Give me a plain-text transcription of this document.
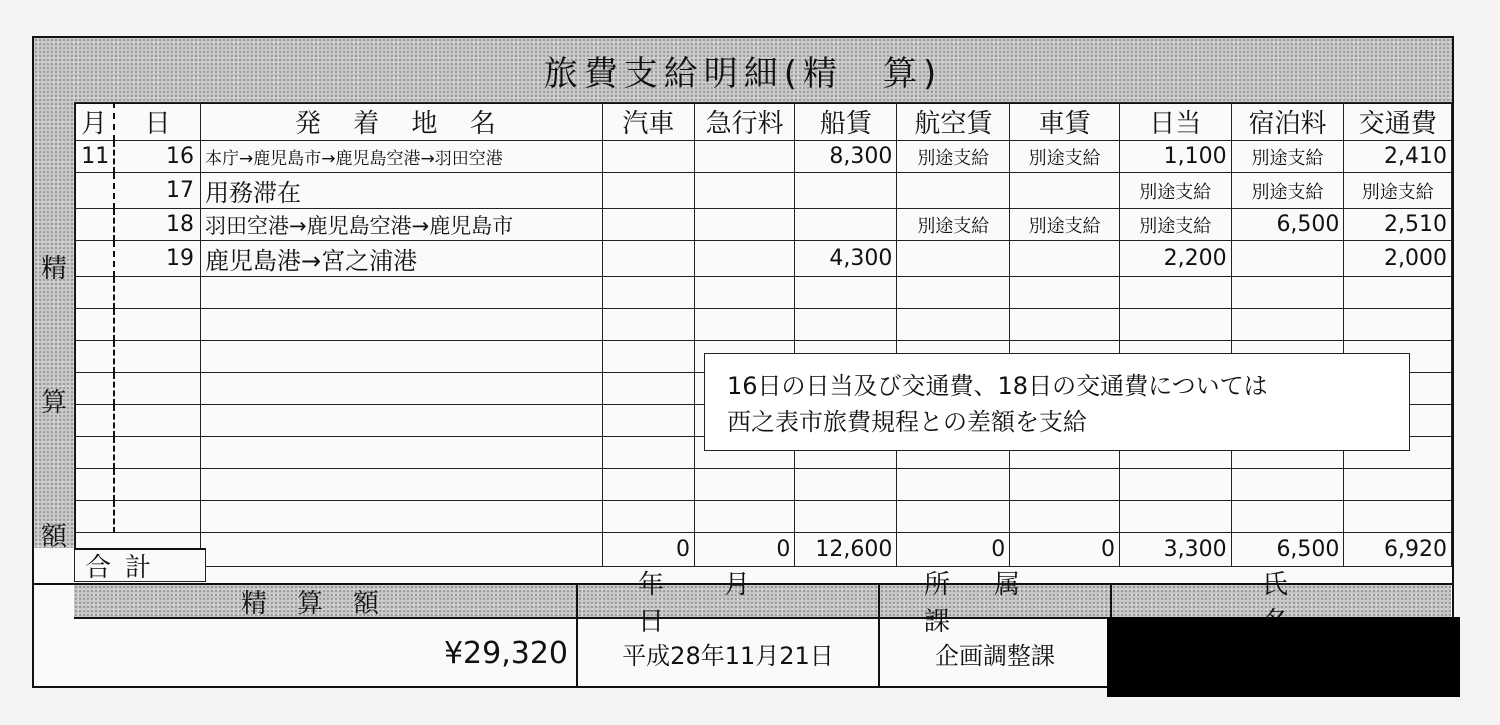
旅費支給明細(精　算)
精
算
額
月	日	発 着 地 名	汽車	急行料	船賃	航空賃	車賃	日当	宿泊料	交通費
11	16	本庁→鹿児島市→鹿児島空港→羽田空港			8,300	別途支給	別途支給	1,100	別途支給	2,410
	17	用務滞在						別途支給	別途支給	別途支給
	18	羽田空港→鹿児島空港→鹿児島市				別途支給	別途支給	別途支給	6,500	2,510
	19	鹿児島港→宮之浦港			4,300			2,200		2,000

			0	0	12,600	0	0	3,300	6,500	6,920
合計
精算額
¥29,320
年月日
平成28年11月21日
所属課
企画調整課
氏
16日の日当及び交通費、18日の交通費については
西之表市旅費規程との差額を支給
